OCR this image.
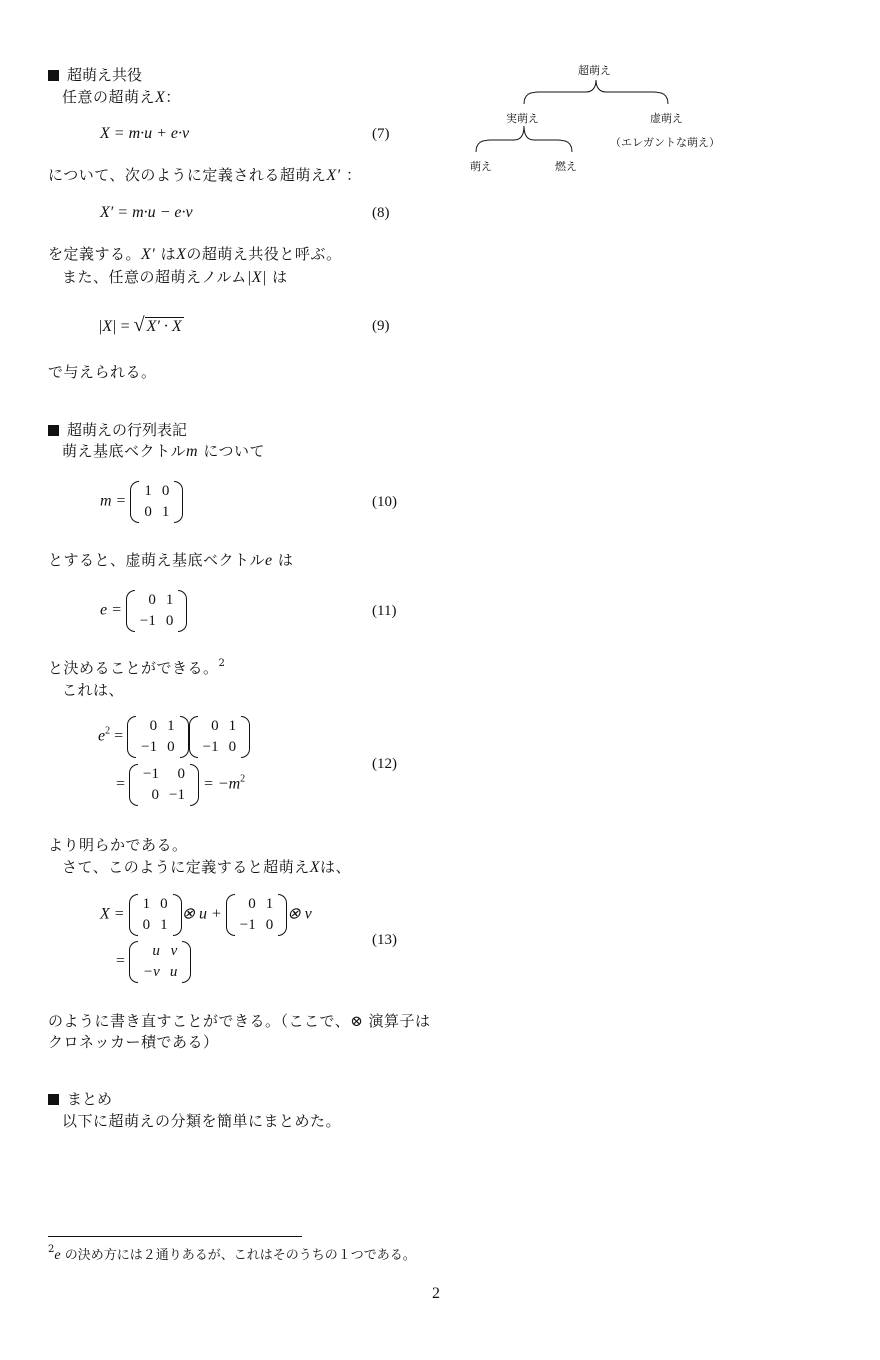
超萌え共役
任意の超萌えX：
X = m·u + e·v	(7)
について、次のように定義される超萌えX′ ：
X′ = m·u − e·v	(8)
を定義する。X′ はXの超萌え共役と呼ぶ。
また、任意の超萌えノルム|X| は
|X| = √ X′ · X	(9)
で与えられる。
超萌えの行列表記
萌え基底ベクトルm について
m =
1	0
0	1
(10)
とすると、虚萌え基底ベクトルe は
e =
0	1
−1	0
(11)
と決めることができる。$^2$
これは、
$e^2$ =
0	1
−1	0
0	1
−1	0
=
−1	0
0	−1
= $-m^2$
(12)
より明らかである。
さて、このように定義すると超萌えXは、
X =
1	0
0	1
⊗ u +
0	1
−1	0
⊗ v
=
u	v
−v	u
(13)
のように書き直すことができる。（ここで、⊗ 演算子は
クロネッカー積である）
まとめ
以下に超萌えの分類を簡単にまとめた。
超萌え
実萌え	虚萌え
（エレガントな萌え）
萌え	燃え
$^2$e の決め方には２通りあるが、これはそのうちの１つである。
2
